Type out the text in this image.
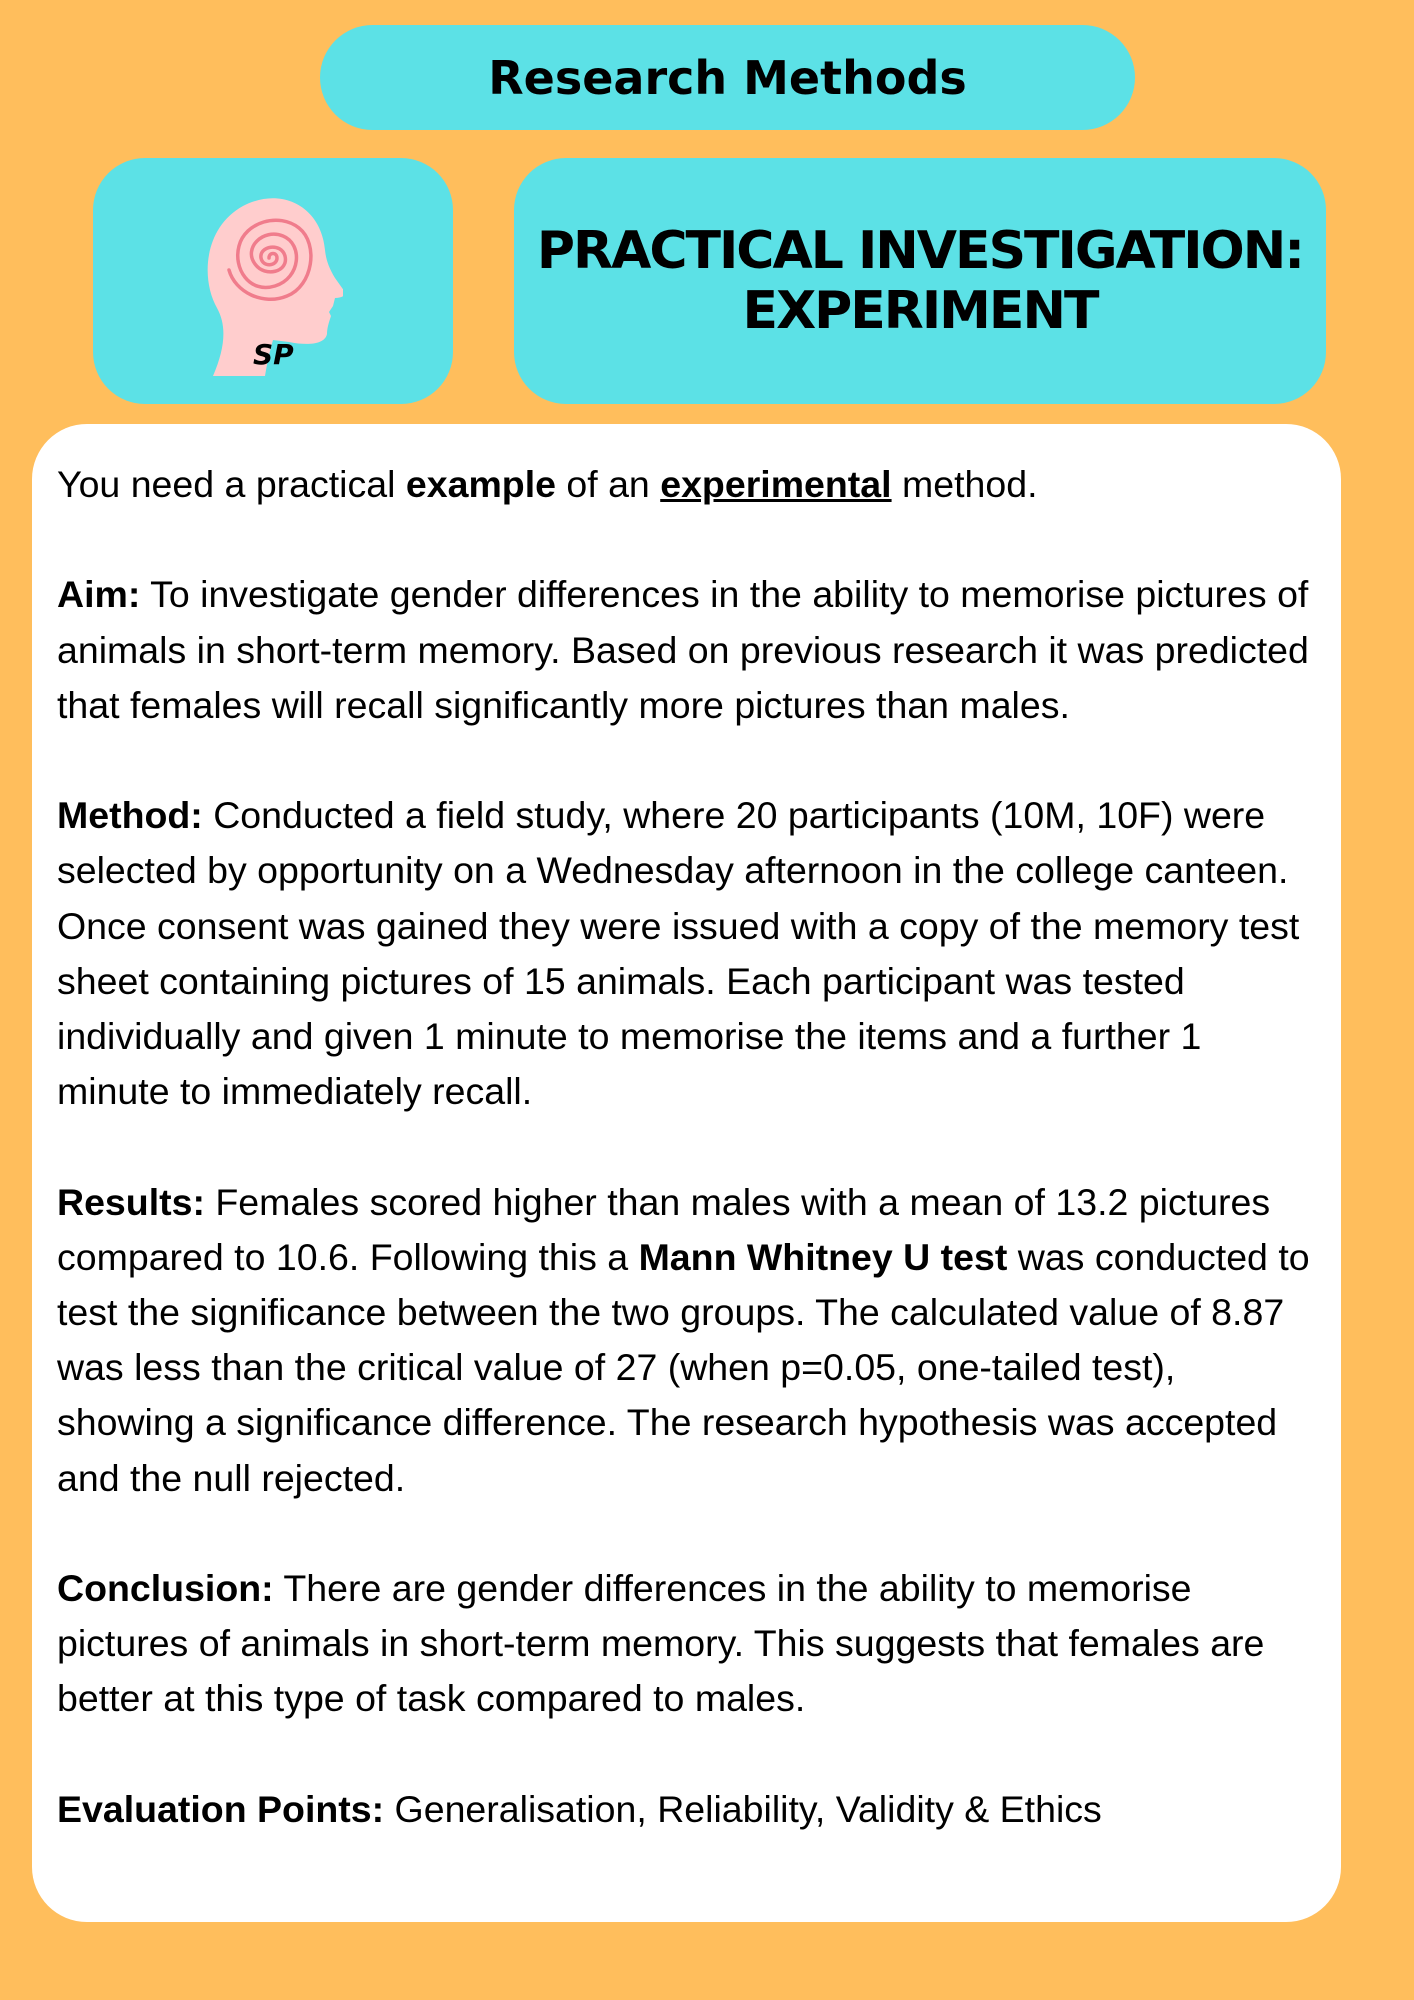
Research Methods
SP
PRACTICAL INVESTIGATION:
EXPERIMENT

You need a practical example of an experimental method.

Aim: To investigate gender differences in the ability to memorise pictures of animals in short-term memory. Based on previous research it was predicted that females will recall significantly more pictures than males.

Method: Conducted a field study, where 20 participants (10M, 10F) were selected by opportunity on a Wednesday afternoon in the college canteen. Once consent was gained they were issued with a copy of the memory test sheet containing pictures of 15 animals. Each participant was tested individually and given 1 minute to memorise the items and a further 1 minute to immediately recall.

Results: Females scored higher than males with a mean of 13.2 pictures compared to 10.6. Following this a Mann Whitney U test was conducted to test the significance between the two groups. The calculated value of 8.87 was less than the critical value of 27 (when p=0.05, one-tailed test), showing a significance difference. The research hypothesis was accepted and the null rejected.

Conclusion: There are gender differences in the ability to memorise pictures of animals in short-term memory. This suggests that females are better at this type of task compared to males.

Evaluation Points: Generalisation, Reliability, Validity & Ethics
